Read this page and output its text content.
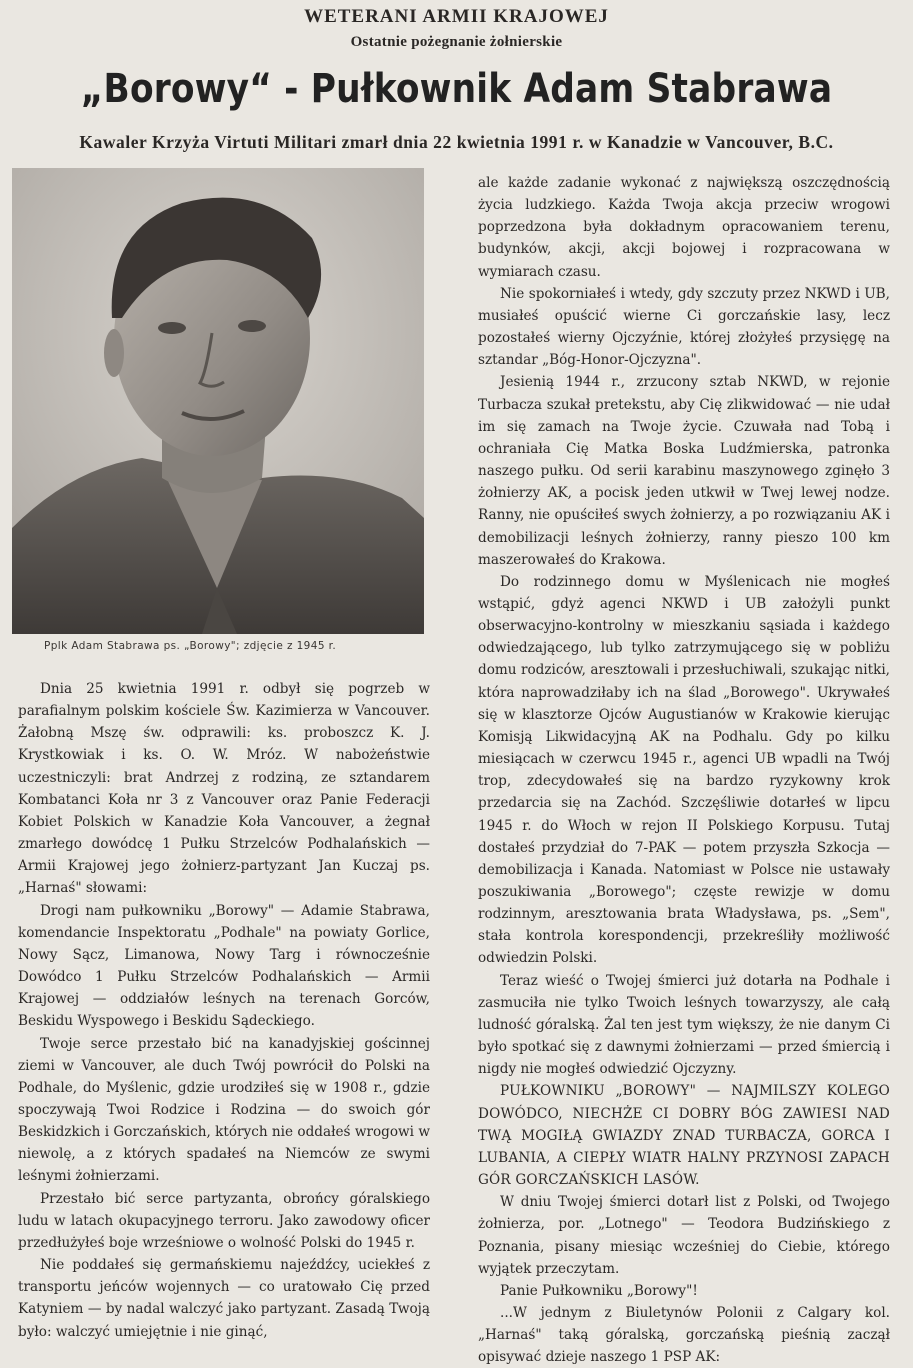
WETERANI ARMII KRAJOWEJ
Ostatnie pożegnanie żołnierskie
„Borowy“ - Pułkownik Adam Stabrawa
Kawaler Krzyża Virtuti Militari zmarł dnia 22 kwietnia 1991 r. w Kanadzie w Vancouver, B.C.
Pplk Adam Stabrawa ps. „Borowy"; zdjęcie z 1945 r.

Dnia 25 kwietnia 1991 r. odbył się pogrzeb w parafialnym polskim kościele Św. Kazimierza w Vancouver. Żałobną Mszę św. odprawili: ks. proboszcz K. J. Krystkowiak i ks. O. W. Mróz. W nabożeństwie uczestniczyli: brat Andrzej z rodziną, ze sztandarem Kombatanci Koła nr 3 z Vancouver oraz Panie Federacji Kobiet Polskich w Kanadzie Koła Vancouver, a żegnał zmarłego dowódcę 1 Pułku Strzelców Podhalańskich — Armii Krajowej jego żołnierz-partyzant Jan Kuczaj ps. „Harnaś" słowami:

Drogi nam pułkowniku „Borowy" — Adamie Stabrawa, komendancie Inspektoratu „Podhale" na powiaty Gorlice, Nowy Sącz, Limanowa, Nowy Targ i równocześnie Dowódco 1 Pułku Strzelców Podhalańskich — Armii Krajowej — oddziałów leśnych na terenach Gorców, Beskidu Wyspowego i Beskidu Sądeckiego.

Twoje serce przestało bić na kanadyjskiej gościnnej ziemi w Vancouver, ale duch Twój powrócił do Polski na Podhale, do Myślenic, gdzie urodziłeś się w 1908 r., gdzie spoczywają Twoi Rodzice i Rodzina — do swoich gór Beskidzkich i Gorczańskich, których nie oddałeś wrogowi w niewolę, a z których spadałeś na Niemców ze swymi leśnymi żołnierzami.

Przestało bić serce partyzanta, obrońcy góralskiego ludu w latach okupacyjnego terroru. Jako zawodowy oficer przedłużyłeś boje wrześniowe o wolność Polski do 1945 r.

Nie poddałeś się germańskiemu najeźdźcy, uciekłeś z transportu jeńców wojennych — co uratowało Cię przed Katyniem — by nadal walczyć jako partyzant. Zasadą Twoją było: walczyć umiejętnie i nie ginąć,

ale każde zadanie wykonać z największą oszczędnością życia ludzkiego. Każda Twoja akcja przeciw wrogowi poprzedzona była dokładnym opracowaniem terenu, budynków, akcji, akcji bojowej i rozpracowana w wymiarach czasu.

Nie spokorniałeś i wtedy, gdy szczuty przez NKWD i UB, musiałeś opuścić wierne Ci gorczańskie lasy, lecz pozostałeś wierny Ojczyźnie, której złożyłeś przysięgę na sztandar „Bóg-Honor-Ojczyzna".

Jesienią 1944 r., zrzucony sztab NKWD, w rejonie Turbacza szukał pretekstu, aby Cię zlikwidować — nie udał im się zamach na Twoje życie. Czuwała nad Tobą i ochraniała Cię Matka Boska Ludźmierska, patronka naszego pułku. Od serii karabinu maszynowego zginęło 3 żołnierzy AK, a pocisk jeden utkwił w Twej lewej nodze. Ranny, nie opuściłeś swych żołnierzy, a po rozwiązaniu AK i demobilizacji leśnych żołnierzy, ranny pieszo 100 km maszerowałeś do Krakowa.

Do rodzinnego domu w Myślenicach nie mogłeś wstąpić, gdyż agenci NKWD i UB założyli punkt obserwacyjno-kontrolny w mieszkaniu sąsiada i każdego odwiedzającego, lub tylko zatrzymującego się w pobliżu domu rodziców, aresztowali i przesłuchiwali, szukając nitki, która naprowadziłaby ich na ślad „Borowego". Ukrywałeś się w klasztorze Ojców Augustianów w Krakowie kierując Komisją Likwidacyjną AK na Podhalu. Gdy po kilku miesiącach w czerwcu 1945 r., agenci UB wpadli na Twój trop, zdecydowałeś się na bardzo ryzykowny krok przedarcia się na Zachód. Szczęśliwie dotarłeś w lipcu 1945 r. do Włoch w rejon II Polskiego Korpusu. Tutaj dostałeś przydział do 7-PAK — potem przyszła Szkocja — demobilizacja i Kanada. Natomiast w Polsce nie ustawały poszukiwania „Borowego"; częste rewizje w domu rodzinnym, aresztowania brata Władysława, ps. „Sem", stała kontrola korespondencji, przekreśliły możliwość odwiedzin Polski.

Teraz wieść o Twojej śmierci już dotarła na Podhale i zasmuciła nie tylko Twoich leśnych towarzyszy, ale całą ludność góralską. Żal ten jest tym większy, że nie danym Ci było spotkać się z dawnymi żołnierzami — przed śmiercią i nigdy nie mogłeś odwiedzić Ojczyzny.

PUŁKOWNIKU „BOROWY" — NAJMILSZY KOLEGO DOWÓDCO, NIECHŻE CI DOBRY BÓG ZAWIESI NAD TWĄ MOGIŁĄ GWIAZDY ZNAD TURBACZA, GORCA I LUBANIA, A CIEPŁY WIATR HALNY PRZYNOSI ZAPACH GÓR GORCZAŃSKICH LASÓW.

W dniu Twojej śmierci dotarł list z Polski, od Twojego żołnierza, por. „Lotnego" — Teodora Budzińskiego z Poznania, pisany miesiąc wcześniej do Ciebie, którego wyjątek przeczytam.

Panie Pułkowniku „Borowy"!

...W jednym z Biuletynów Polonii z Calgary kol. „Harnaś" taką góralską, gorczańską pieśnią zaczął opisywać dzieje naszego 1 PSP AK:
